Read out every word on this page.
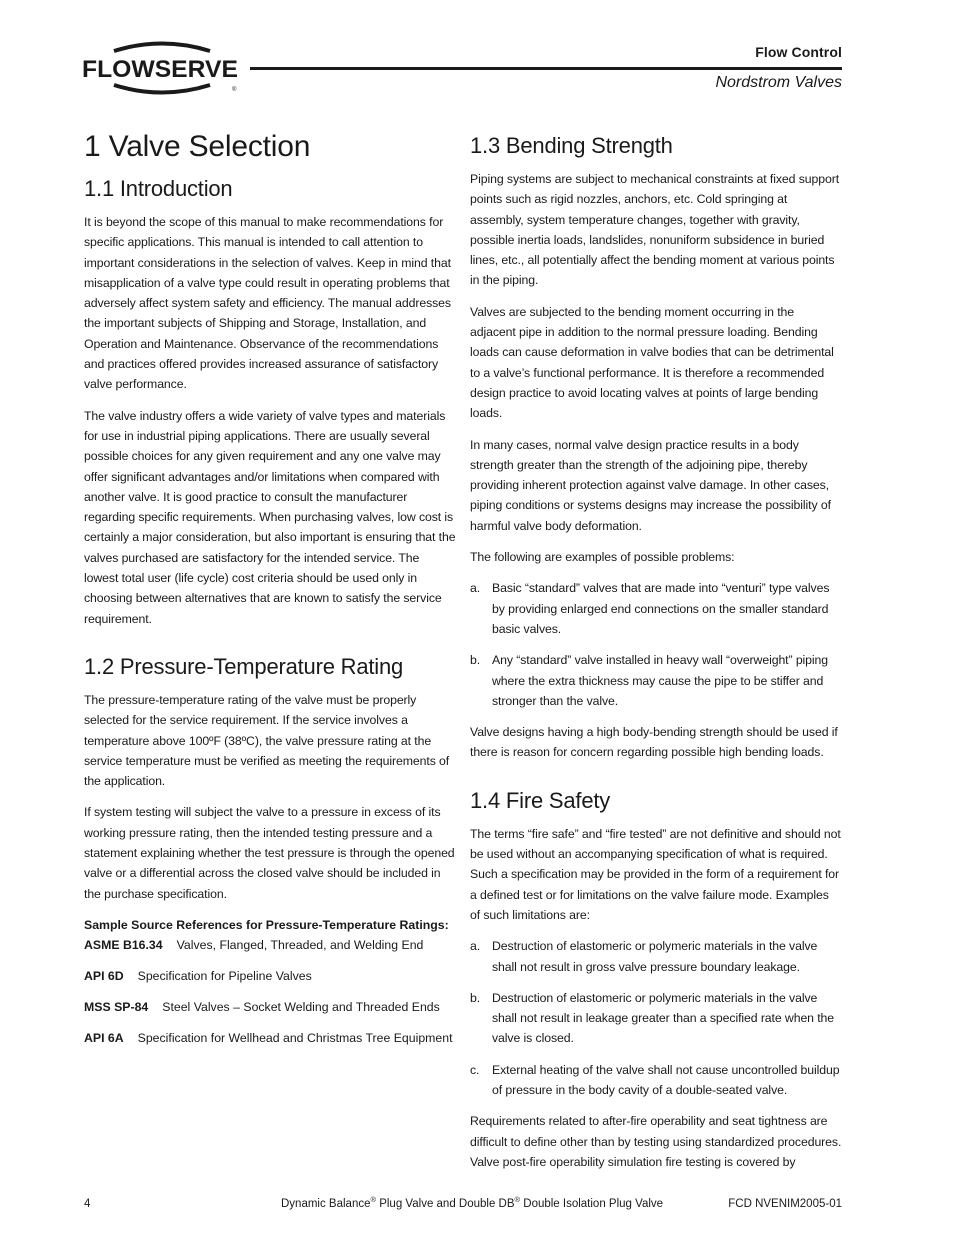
FLOWSERVE
®
Flow Control
Nordstrom Valves
1 Valve Selection
1.1 Introduction

It is beyond the scope of this manual to make recommendations for specific applications. This manual is intended to call attention to important considerations in the selection of valves. Keep in mind that misapplication of a valve type could result in operating problems that adversely affect system safety and efficiency. The manual addresses the important subjects of Shipping and Storage, Installation, and Operation and Maintenance. Observance of the recommendations and practices offered provides increased assurance of satisfactory valve performance.

The valve industry offers a wide variety of valve types and materials for use in industrial piping applications. There are usually several possible choices for any given requirement and any one valve may offer significant advantages and/or limitations when compared with another valve. It is good practice to consult the manufacturer regarding specific requirements. When purchasing valves, low cost is certainly a major consideration, but also important is ensuring that the valves purchased are satisfactory for the intended service. The lowest total user (life cycle) cost criteria should be used only in choosing between alternatives that are known to satisfy the service requirement.

1.2 Pressure-Temperature Rating

The pressure-temperature rating of the valve must be properly selected for the service requirement. If the service involves a temperature above 100ºF (38ºC), the valve pressure rating at the service temperature must be verified as meeting the requirements of the application.

If system testing will subject the valve to a pressure in excess of its working pressure rating, then the intended testing pressure and a statement explaining whether the test pressure is through the opened valve or a differential across the closed valve should be included in the purchase specification.

Sample Source References for Pressure-Temperature Ratings:
ASME B16.34 Valves, Flanged, Threaded, and Welding End
API 6D Specification for Pipeline Valves
MSS SP-84 Steel Valves – Socket Welding and Threaded Ends
API 6A Specification for Wellhead and Christmas Tree Equipment
1.3 Bending Strength

Piping systems are subject to mechanical constraints at fixed support points such as rigid nozzles, anchors, etc. Cold springing at assembly, system temperature changes, together with gravity, possible inertia loads, landslides, nonuniform subsidence in buried lines, etc., all potentially affect the bending moment at various points in the piping.

Valves are subjected to the bending moment occurring in the adjacent pipe in addition to the normal pressure loading. Bending loads can cause deformation in valve bodies that can be detrimental to a valve’s functional performance. It is therefore a recommended design practice to avoid locating valves at points of large bending loads.

In many cases, normal valve design practice results in a body strength greater than the strength of the adjoining pipe, thereby providing inherent protection against valve damage. In other cases, piping conditions or systems designs may increase the possibility of harmful valve body deformation.

The following are examples of possible problems:

a. Basic “standard” valves that are made into “venturi” type valves by providing enlarged end connections on the smaller standard basic valves.
b. Any “standard” valve installed in heavy wall “overweight” piping where the extra thickness may cause the pipe to be stiffer and stronger than the valve.

Valve designs having a high body-bending strength should be used if there is reason for concern regarding possible high bending loads.

1.4 Fire Safety

The terms “fire safe” and “fire tested” are not definitive and should not be used without an accompanying specification of what is required. Such a specification may be provided in the form of a requirement for a defined test or for limitations on the valve failure mode. Examples of such limitations are:

a. Destruction of elastomeric or polymeric materials in the valve shall not result in gross valve pressure boundary leakage.
b. Destruction of elastomeric or polymeric materials in the valve shall not result in leakage greater than a specified rate when the valve is closed.
c.	External heating of the valve shall not cause uncontrolled buildup of pressure in the body cavity of a double-seated valve.

Requirements related to after-fire operability and seat tightness are difficult to define other than by testing using standardized procedures. Valve post-fire operability simulation fire testing is covered by

4	Dynamic Balance® Plug Valve and Double DB® Double Isolation Plug Valve	FCD NVENIM2005-01
